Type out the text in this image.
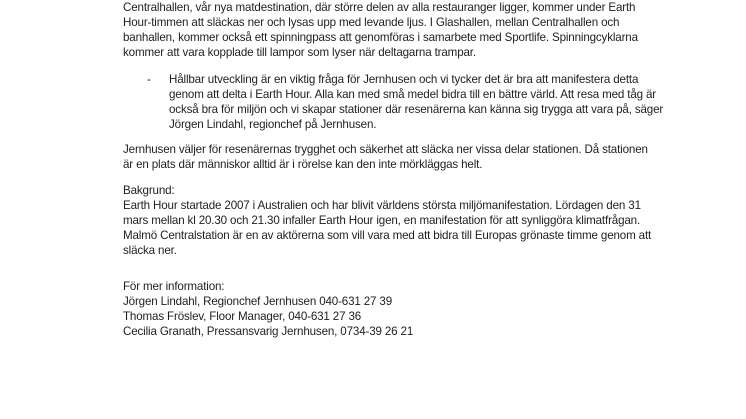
Centralhallen, vår nya matdestination, där större delen av alla restauranger ligger, kommer under Earth
Hour-timmen att släckas ner och lysas upp med levande ljus. I Glashallen, mellan Centralhallen och
banhallen, kommer också ett spinningpass att genomföras i samarbete med Sportlife. Spinningcyklarna
kommer att vara kopplade till lampor som lyser när deltagarna trampar.
- Hållbar utveckling är en viktig fråga för Jernhusen och vi tycker det är bra att manifestera detta
genom att delta i Earth Hour. Alla kan med små medel bidra till en bättre värld. Att resa med tåg är
också bra för miljön och vi skapar stationer där resenärerna kan känna sig trygga att vara på, säger
Jörgen Lindahl, regionchef på Jernhusen.
Jernhusen väljer för resenärernas trygghet och säkerhet att släcka ner vissa delar stationen. Då stationen
är en plats där människor alltid är i rörelse kan den inte mörkläggas helt.
Bakgrund:
Earth Hour startade 2007 i Australien och har blivit världens största miljömanifestation. Lördagen den 31
mars mellan kl 20.30 och 21.30 infaller Earth Hour igen, en manifestation för att synliggöra klimatfrågan.
Malmö Centralstation är en av aktörerna som vill vara med att bidra till Europas grönaste timme genom att
släcka ner.
För mer information:
Jörgen Lindahl, Regionchef Jernhusen 040-631 27 39
Thomas Fröslev, Floor Manager, 040-631 27 36
Cecilia Granath, Pressansvarig Jernhusen, 0734-39 26 21
